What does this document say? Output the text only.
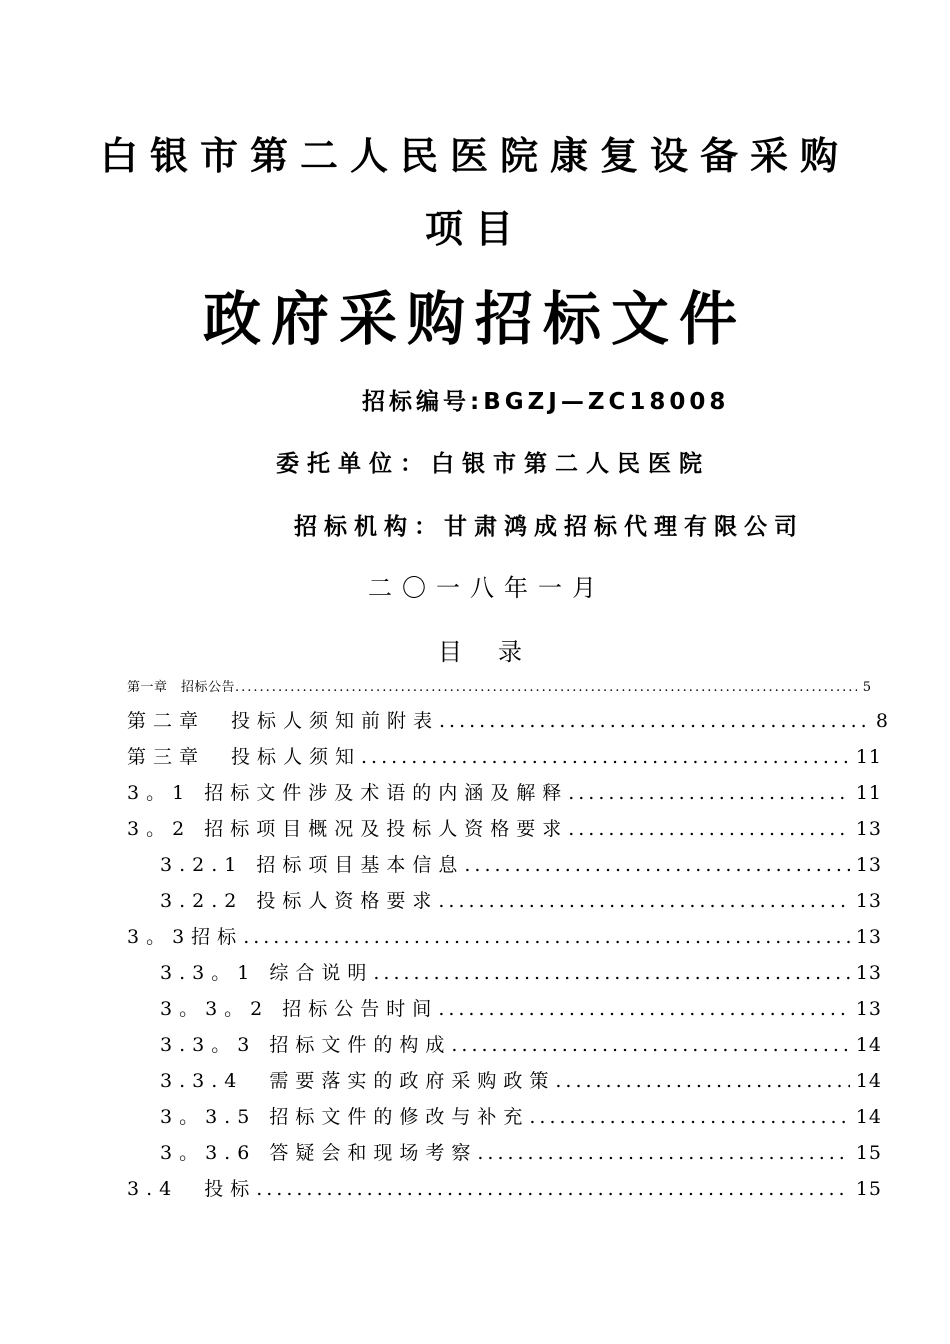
白银市第二人民医院康复设备采购
项目
政府采购招标文件
招标编号:BGZJ—ZC18008
委托单位：白银市第二人民医院
招标机构：甘肃鸿成招标代理有限公司
二〇一八年一月
目录
第一章　招标公告 .....	5
第二章　投标人须知前附表 .....	8
第三章　投标人须知 .....	11
3。1 招标文件涉及术语的内涵及解释 .....	11
3。2 招标项目概况及投标人资格要求 .....	13
3.2.1 招标项目基本信息 .....	13
3.2.2 投标人资格要求 .....	13
3。3招标 .....	13
3.3。1 综合说明 .....	13
3。3。2 招标公告时间 .....	13
3.3。3 招标文件的构成 .....	14
3.3.4　需要落实的政府采购政策 .....	14
3。3.5 招标文件的修改与补充 .....	14
3。3.6 答疑会和现场考察 .....	15
3.4　投标 .....	15
